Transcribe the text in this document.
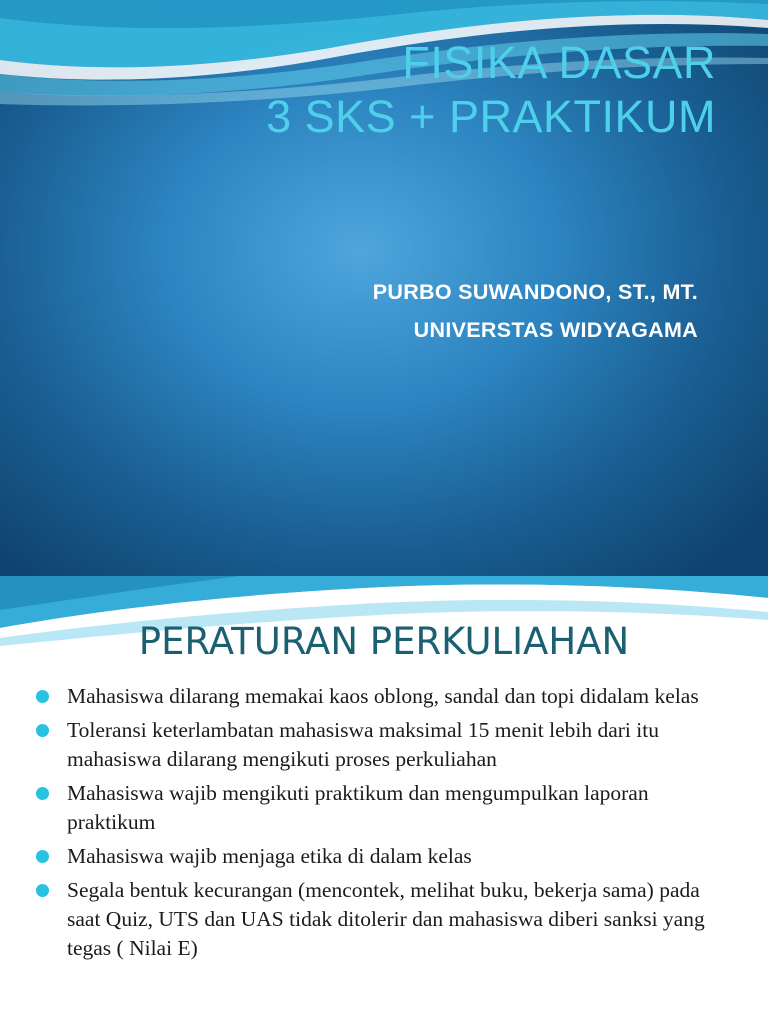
FISIKA DASAR
3 SKS + PRAKTIKUM

PURBO SUWANDONO, ST., MT.

UNIVERSTAS WIDYAGAMA

PERATURAN PERKULIAHAN
Mahasiswa dilarang memakai kaos oblong, sandal dan topi didalam kelas
Toleransi keterlambatan mahasiswa maksimal 15 menit lebih dari itu mahasiswa dilarang mengikuti proses perkuliahan
Mahasiswa wajib mengikuti praktikum dan mengumpulkan laporan praktikum
Mahasiswa wajib menjaga etika di dalam kelas
Segala bentuk kecurangan (mencontek, melihat buku, bekerja sama) pada saat Quiz, UTS dan UAS tidak ditolerir dan mahasiswa diberi sanksi yang tegas ( Nilai E)
